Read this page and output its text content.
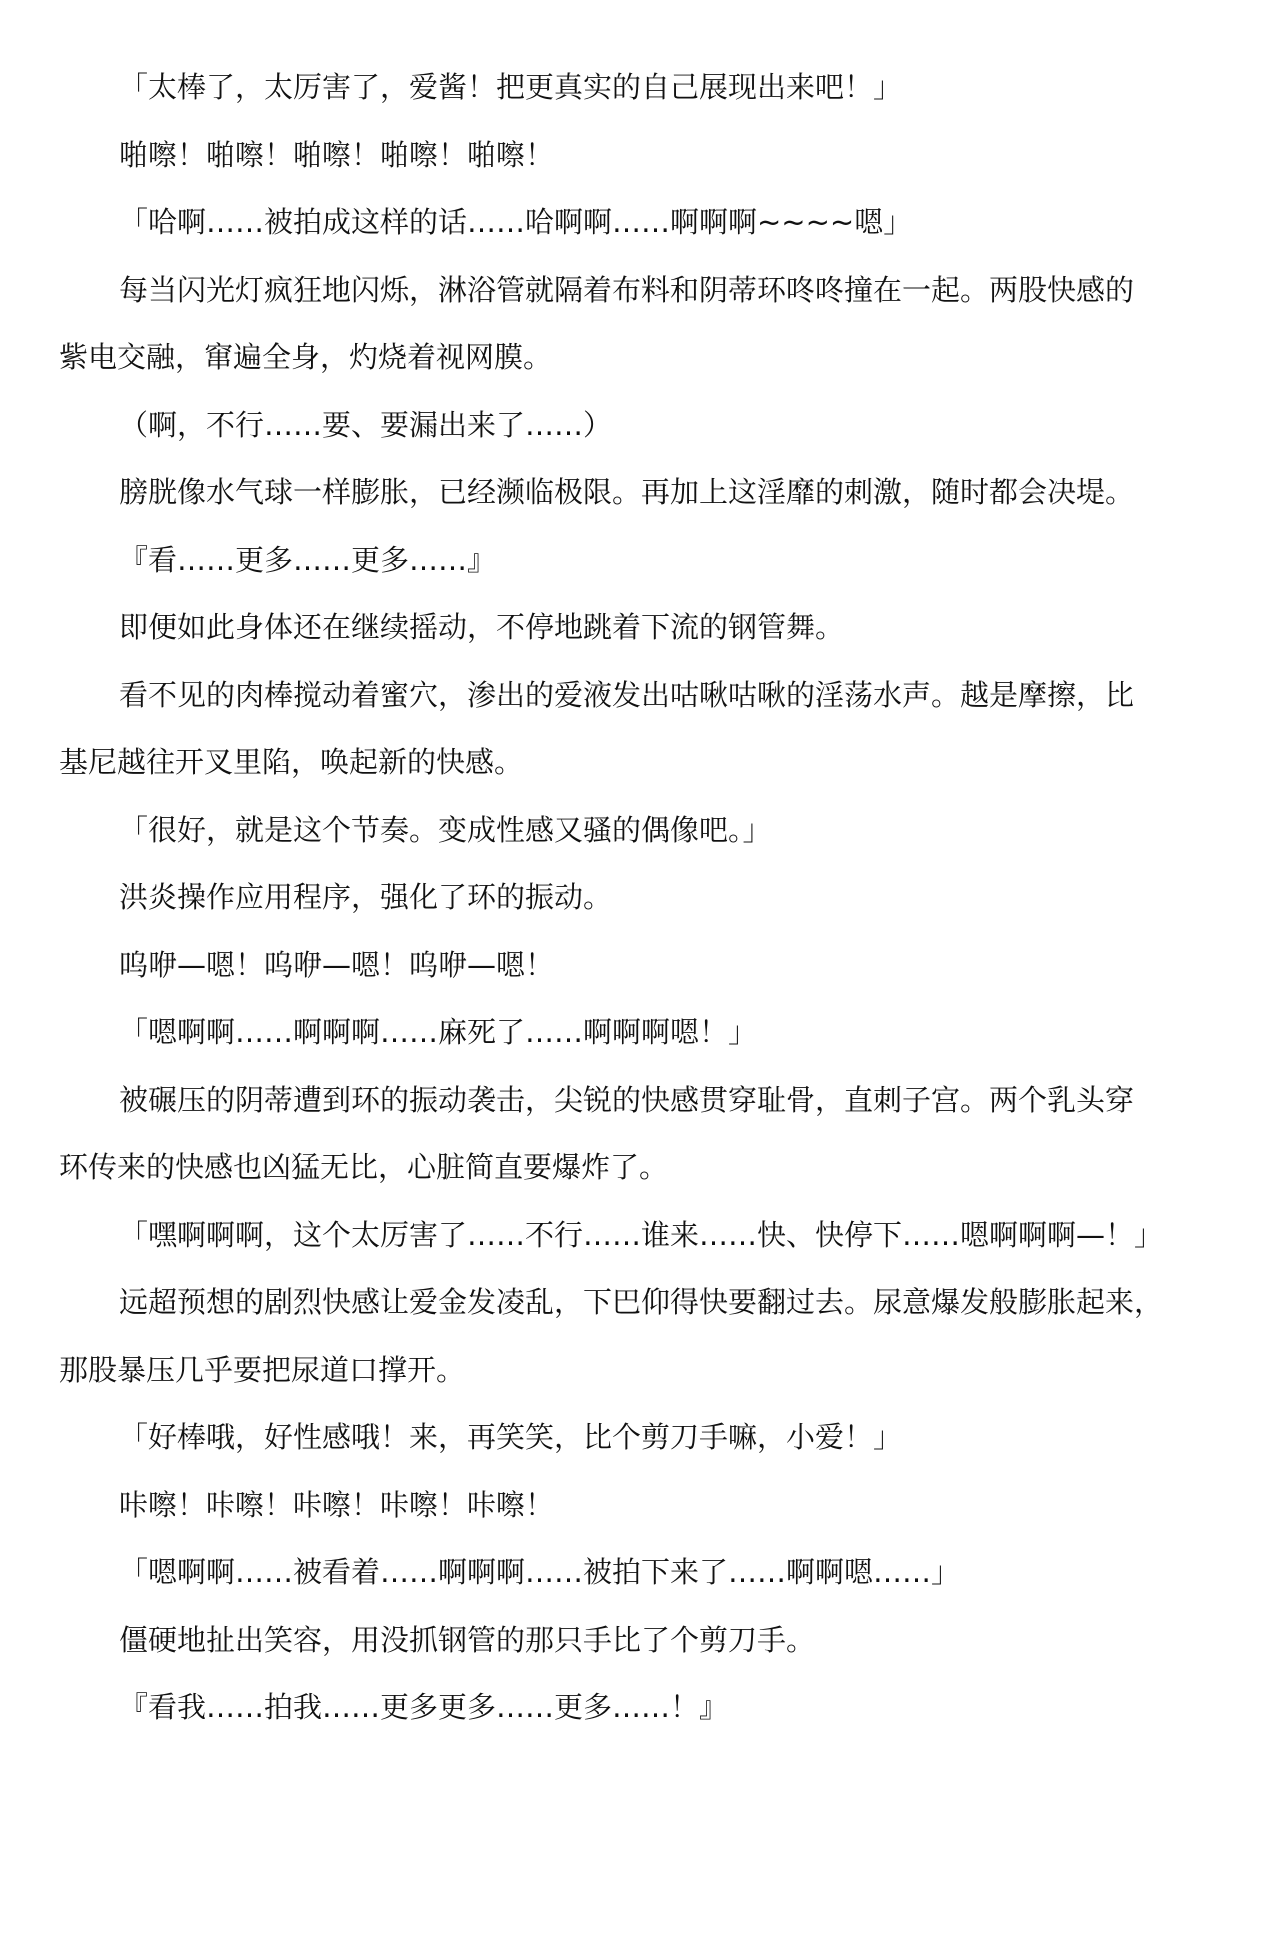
「太棒了，太厉害了，爱酱！把更真实的自己展现出来吧！」
啪嚓！啪嚓！啪嚓！啪嚓！啪嚓！
「哈啊……被拍成这样的话……哈啊啊……啊啊啊~~~~嗯」
每当闪光灯疯狂地闪烁，淋浴管就隔着布料和阴蒂环咚咚撞在一起。两股快感的
紫电交融，窜遍全身，灼烧着视网膜。
（啊，不行……要、要漏出来了……）
膀胱像水气球一样膨胀，已经濒临极限。再加上这淫靡的刺激，随时都会决堤。
『看……更多……更多……』
即便如此身体还在继续摇动，不停地跳着下流的钢管舞。
看不见的肉棒搅动着蜜穴，渗出的爱液发出咕啾咕啾的淫荡水声。越是摩擦，比
基尼越往开叉里陷，唤起新的快感。
「很好，就是这个节奏。变成性感又骚的偶像吧。」
洪炎操作应用程序，强化了环的振动。
呜咿—嗯！呜咿—嗯！呜咿—嗯！
「嗯啊啊……啊啊啊……麻死了……啊啊啊嗯！」
被碾压的阴蒂遭到环的振动袭击，尖锐的快感贯穿耻骨，直刺子宫。两个乳头穿
环传来的快感也凶猛无比，心脏简直要爆炸了。
「嘿啊啊啊，这个太厉害了……不行……谁来……快、快停下……嗯啊啊啊—！」
远超预想的剧烈快感让爱金发凌乱，下巴仰得快要翻过去。尿意爆发般膨胀起来，
那股暴压几乎要把尿道口撑开。
「好棒哦，好性感哦！来，再笑笑，比个剪刀手嘛，小爱！」
咔嚓！咔嚓！咔嚓！咔嚓！咔嚓！
「嗯啊啊……被看着……啊啊啊……被拍下来了……啊啊嗯……」
僵硬地扯出笑容，用没抓钢管的那只手比了个剪刀手。
『看我……拍我……更多更多……更多……！』
